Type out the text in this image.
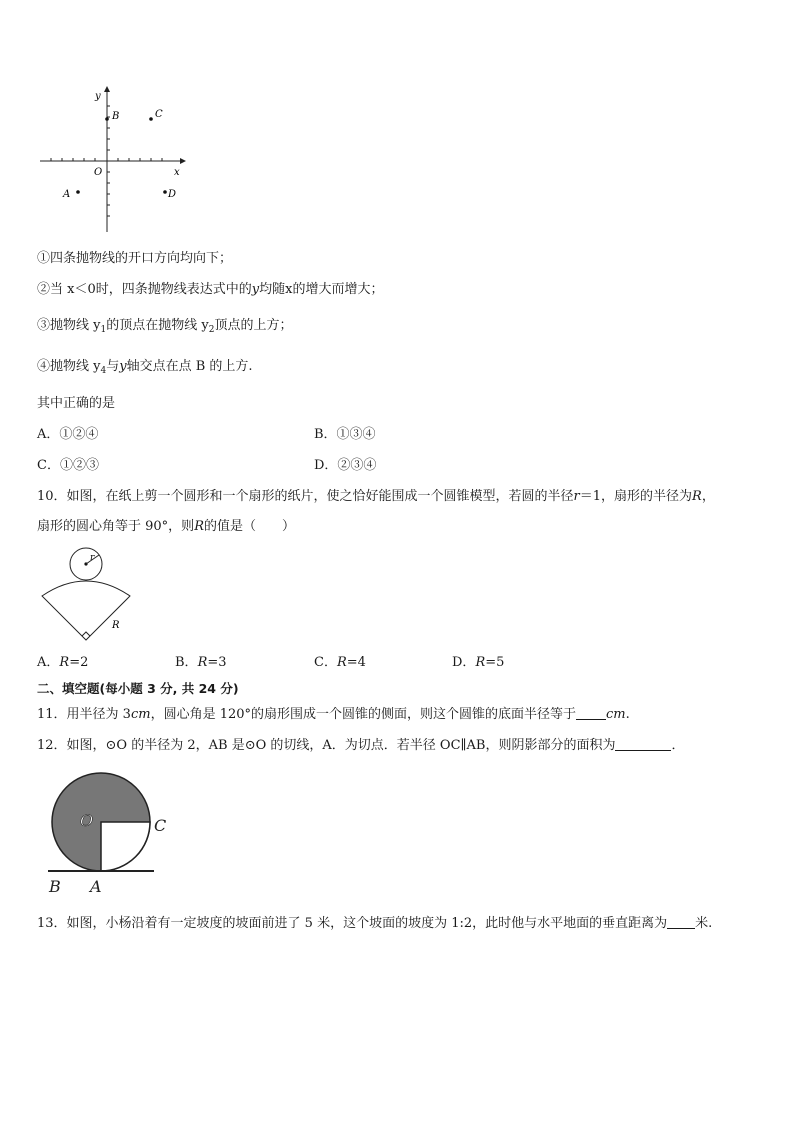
y
x
O
B	C
A	D
①四条抛物线的开口方向均向下；
②当 x＜0时，四条抛物线表达式中的y均随x的增大而增大；
③抛物线 $y_1$的顶点在抛物线 $y_2$顶点的上方；
④抛物线 $y_4$与y轴交点在点 B 的上方.
其中正确的是
A．①②④	B．①③④
C．①②③	D．②③④
10．如图，在纸上剪一个圆形和一个扇形的纸片，使之恰好能围成一个圆锥模型，若圆的半径r＝1，扇形的半径为R，
扇形的圆心角等于 90°，则R的值是（　　）
r
R
A．R=2	B．R=3	C．R=4	D．R=5
二、填空题(每小题 3 分, 共 24 分)
11．用半径为 3cm，圆心角是 120°的扇形围成一个圆锥的侧面，则这个圆锥的底面半径等于 cm.
12．如图，⊙O 的半径为 2，AB 是⊙O 的切线，A．为切点．若半径 OC∥AB，则阴影部分的面积为	．
O	C
B A
13．如图，小杨沿着有一定坡度的坡面前进了 5 米，这个坡面的坡度为 1:2，此时他与水平地面的垂直距离为 米.
